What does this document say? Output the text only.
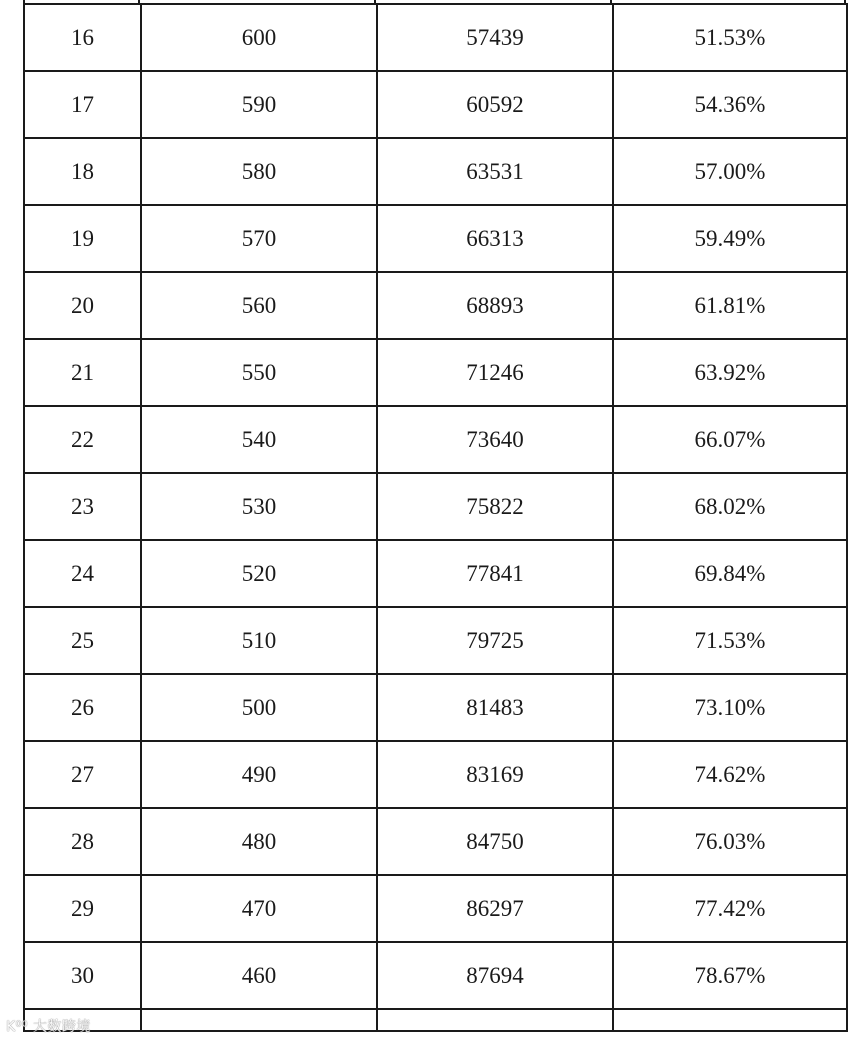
16	600	57439	51.53%
17	590	60592	54.36%
18	580	63531	57.00%
19	570	66313	59.49%
20	560	68893	61.81%
21	550	71246	63.92%
22	540	73640	66.07%
23	530	75822	68.02%
24	520	77841	69.84%
25	510	79725	71.53%
26	500	81483	73.10%
27	490	83169	74.62%
28	480	84750	76.03%
29	470	86297	77.42%
30	460	87694	78.67%

K⁰⁰ 大数跨境
